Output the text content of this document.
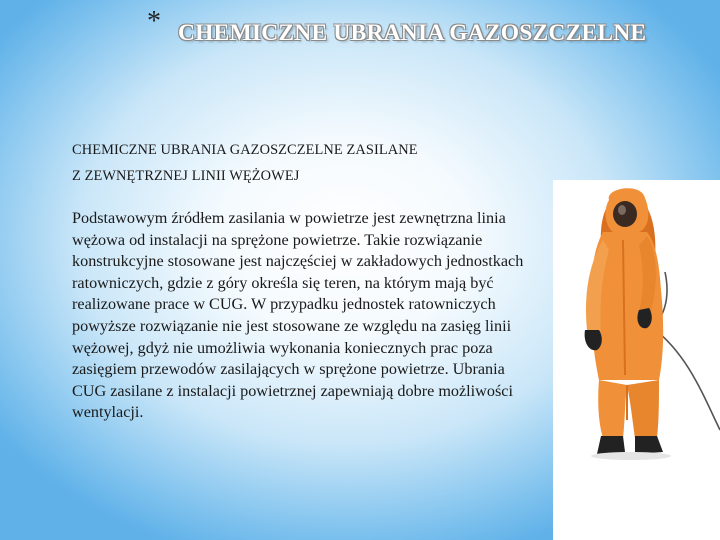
* CHEMICZNE UBRANIA GAZOSZCZELNE
CHEMICZNE UBRANIA GAZOSZCZELNE ZASILANE
Z ZEWNĘTRZNEJ LINII WĘŻOWEJ
Podstawowym źródłem zasilania w powietrze jest zewnętrzna linia wężowa od instalacji na sprężone powietrze. Takie rozwiązanie konstrukcyjne stosowane jest najczęściej w zakładowych jednostkach ratowniczych, gdzie z góry określa się teren, na którym mają być realizowane prace w CUG. W przypadku jednostek ratowniczych powyższe rozwiązanie nie jest stosowane ze względu na zasięg linii wężowej, gdyż nie umożliwia wykonania koniecznych prac poza zasięgiem przewodów zasilających w sprężone powietrze. Ubrania CUG zasilane z instalacji powietrznej zapewniają dobre możliwości wentylacji.
